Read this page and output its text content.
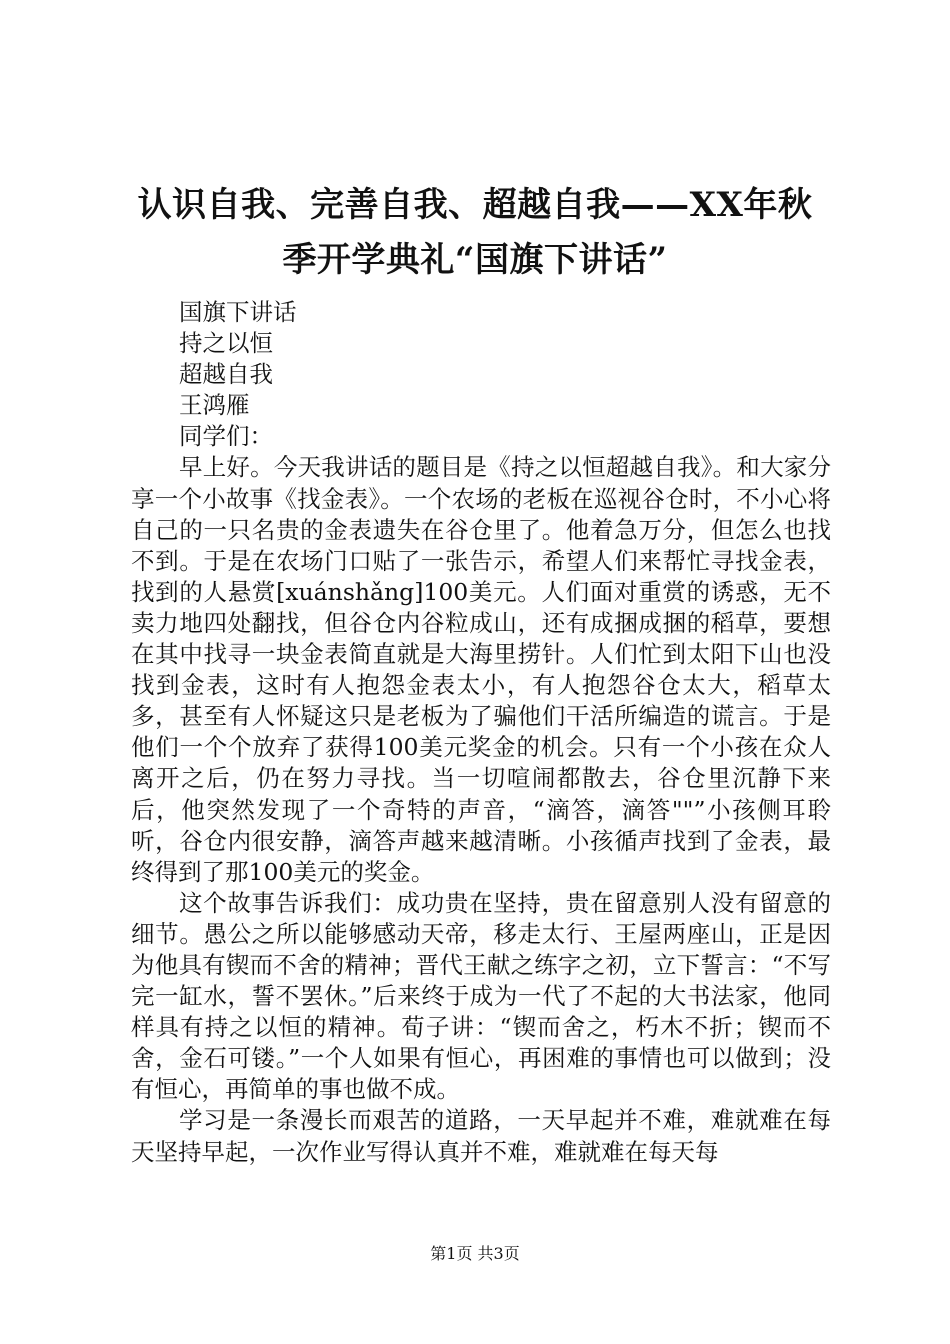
认识自我、完善自我、超越自我——XX年秋
季开学典礼“国旗下讲话”
国旗下讲话
持之以恒
超越自我
王鸿雁
同学们：

早上好。今天我讲话的题目是《持之以恒超越自我》。和大家分享一个小故事《找金表》。一个农场的老板在巡视谷仓时，不小心将自己的一只名贵的金表遗失在谷仓里了。他着急万分，但怎么也找不到。于是在农场门口贴了一张告示，希望人们来帮忙寻找金表，找到的人悬赏[xuánshǎng]100美元。人们面对重赏的诱惑，无不卖力地四处翻找，但谷仓内谷粒成山，还有成捆成捆的稻草，要想在其中找寻一块金表简直就是大海里捞针。人们忙到太阳下山也没找到金表，这时有人抱怨金表太小，有人抱怨谷仓太大，稻草太多，甚至有人怀疑这只是老板为了骗他们干活所编造的谎言。于是他们一个个放弃了获得100美元奖金的机会。只有一个小孩在众人离开之后，仍在努力寻找。当一切喧闹都散去，谷仓里沉静下来后，他突然发现了一个奇特的声音，“滴答，滴答""”小孩侧耳聆听，谷仓内很安静，滴答声越来越清晰。小孩循声找到了金表，最终得到了那100美元的奖金。

这个故事告诉我们：成功贵在坚持，贵在留意别人没有留意的细节。愚公之所以能够感动天帝，移走太行、王屋两座山，正是因为他具有锲而不舍的精神；晋代王献之练字之初，立下誓言：“不写完一缸水，誓不罢休。”后来终于成为一代了不起的大书法家，他同样具有持之以恒的精神。荀子讲：“锲而舍之，朽木不折；锲而不舍，金石可镂。”一个人如果有恒心，再困难的事情也可以做到；没有恒心，再简单的事也做不成。

学习是一条漫长而艰苦的道路，一天早起并不难，难就难在每天坚持早起，一次作业写得认真并不难，难就难在每天每

第1页 共3页
